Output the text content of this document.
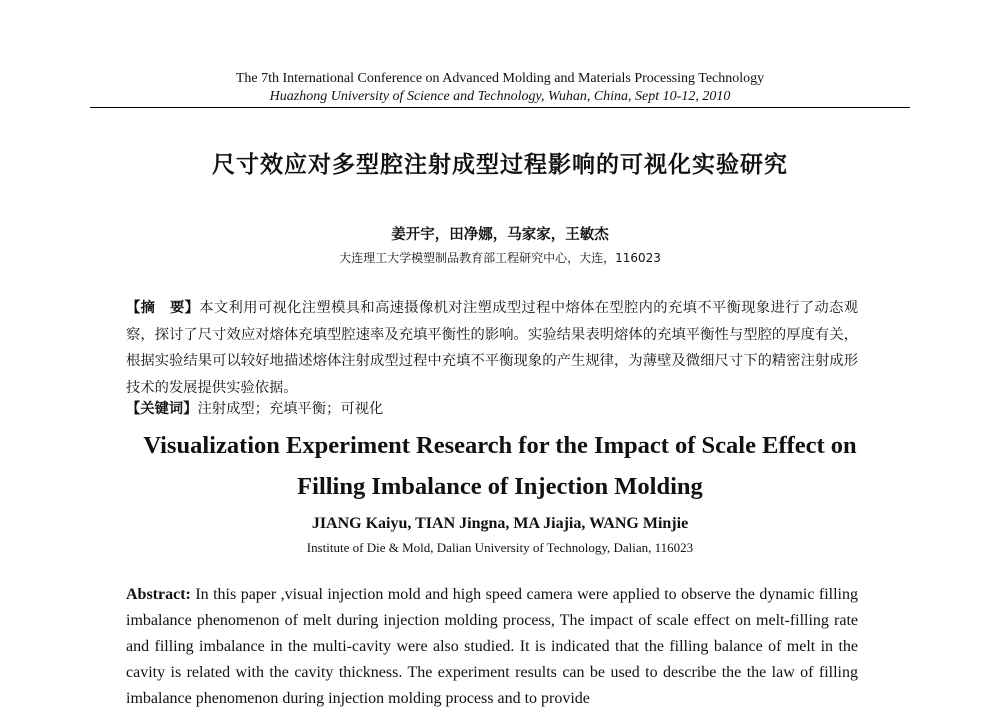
The 7th International Conference on Advanced Molding and Materials Processing Technology
Huazhong University of Science and Technology, Wuhan, China, Sept 10-12, 2010
尺寸效应对多型腔注射成型过程影响的可视化实验研究
姜开宇，田净娜，马家家，王敏杰
大连理工大学模塑制品教育部工程研究中心，大连，116023
【摘　要】本文利用可视化注塑模具和高速摄像机对注塑成型过程中熔体在型腔内的充填不平衡现象进行了动态观察，探讨了尺寸效应对熔体充填型腔速率及充填平衡性的影响。实验结果表明熔体的充填平衡性与型腔的厚度有关，根据实验结果可以较好地描述熔体注射成型过程中充填不平衡现象的产生规律，为薄壁及微细尺寸下的精密注射成形技术的发展提供实验依据。
【关键词】注射成型；充填平衡；可视化
Visualization Experiment Research for the Impact of Scale Effect on
Filling Imbalance of Injection Molding
JIANG Kaiyu, TIAN Jingna, MA Jiajia, WANG Minjie
Institute of Die & Mold, Dalian University of Technology, Dalian, 116023
Abstract: In this paper ,visual injection mold and high speed camera were applied to observe the dynamic filling imbalance phenomenon of melt during injection molding process, The impact of scale effect on melt-filling rate and filling imbalance in the multi-cavity were also studied. It is indicated that the filling balance of melt in the cavity is related with the cavity thickness. The experiment results can be used to describe the the law of filling imbalance phenomenon during injection molding process and to provide
